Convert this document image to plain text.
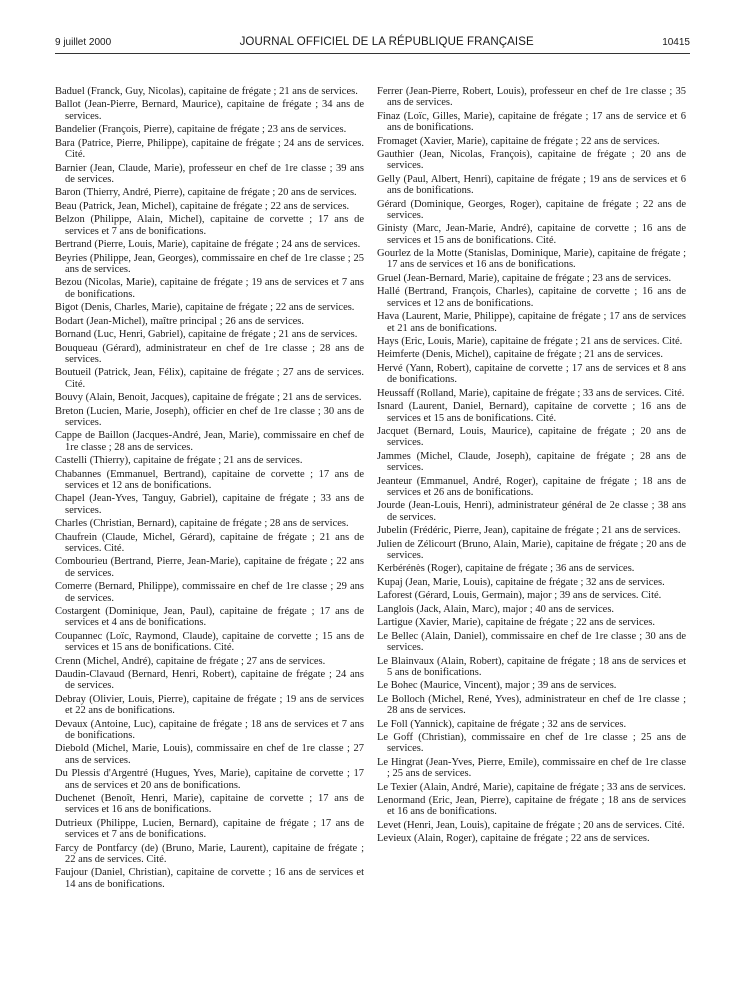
9 juillet 2000	JOURNAL OFFICIEL DE LA RÉPUBLIQUE FRANÇAISE	10415

Baduel (Franck, Guy, Nicolas), capitaine de frégate ; 21 ans de services.

Ballot (Jean-Pierre, Bernard, Maurice), capitaine de frégate ; 34 ans de services.

Bandelier (François, Pierre), capitaine de frégate ; 23 ans de services.

Bara (Patrice, Pierre, Philippe), capitaine de frégate ; 24 ans de services. Cité.

Barnier (Jean, Claude, Marie), professeur en chef de 1re classe ; 39 ans de services.

Baron (Thierry, André, Pierre), capitaine de frégate ; 20 ans de services.

Beau (Patrick, Jean, Michel), capitaine de frégate ; 22 ans de services.

Belzon (Philippe, Alain, Michel), capitaine de corvette ; 17 ans de services et 7 ans de bonifications.

Bertrand (Pierre, Louis, Marie), capitaine de frégate ; 24 ans de services.

Beyries (Philippe, Jean, Georges), commissaire en chef de 1re classe ; 25 ans de services.

Bezou (Nicolas, Marie), capitaine de frégate ; 19 ans de services et 7 ans de bonifications.

Bigot (Denis, Charles, Marie), capitaine de frégate ; 22 ans de services.

Bodart (Jean-Michel), maître principal ; 26 ans de services.

Bornand (Luc, Henri, Gabriel), capitaine de frégate ; 21 ans de services.

Bouqueau (Gérard), administrateur en chef de 1re classe ; 28 ans de services.

Boutueil (Patrick, Jean, Félix), capitaine de frégate ; 27 ans de services. Cité.

Bouvy (Alain, Benoit, Jacques), capitaine de frégate ; 21 ans de services.

Breton (Lucien, Marie, Joseph), officier en chef de 1re classe ; 30 ans de services.

Cappe de Baillon (Jacques-André, Jean, Marie), commissaire en chef de 1re classe ; 28 ans de services.

Castelli (Thierry), capitaine de frégate ; 21 ans de services.

Chabannes (Emmanuel, Bertrand), capitaine de corvette ; 17 ans de services et 12 ans de bonifications.

Chapel (Jean-Yves, Tanguy, Gabriel), capitaine de frégate ; 33 ans de services.

Charles (Christian, Bernard), capitaine de frégate ; 28 ans de services.

Chaufrein (Claude, Michel, Gérard), capitaine de frégate ; 21 ans de services. Cité.

Combourieu (Bertrand, Pierre, Jean-Marie), capitaine de frégate ; 22 ans de services.

Comerre (Bernard, Philippe), commissaire en chef de 1re classe ; 29 ans de services.

Costargent (Dominique, Jean, Paul), capitaine de frégate ; 17 ans de services et 4 ans de bonifications.

Coupannec (Loïc, Raymond, Claude), capitaine de corvette ; 15 ans de services et 15 ans de bonifications. Cité.

Crenn (Michel, André), capitaine de frégate ; 27 ans de services.

Daudin-Clavaud (Bernard, Henri, Robert), capitaine de frégate ; 24 ans de services.

Debray (Olivier, Louis, Pierre), capitaine de frégate ; 19 ans de services et 22 ans de bonifications.

Devaux (Antoine, Luc), capitaine de frégate ; 18 ans de services et 7 ans de bonifications.

Diebold (Michel, Marie, Louis), commissaire en chef de 1re classe ; 27 ans de services.

Du Plessis d'Argentré (Hugues, Yves, Marie), capitaine de corvette ; 17 ans de services et 20 ans de bonifications.

Duchenet (Benoît, Henri, Marie), capitaine de corvette ; 17 ans de services et 16 ans de bonifications.

Dutrieux (Philippe, Lucien, Bernard), capitaine de frégate ; 17 ans de services et 7 ans de bonifications.

Farcy de Pontfarcy (de) (Bruno, Marie, Laurent), capitaine de frégate ; 22 ans de services. Cité.

Faujour (Daniel, Christian), capitaine de corvette ; 16 ans de services et 14 ans de bonifications.

Ferrer (Jean-Pierre, Robert, Louis), professeur en chef de 1re classe ; 35 ans de services.

Finaz (Loïc, Gilles, Marie), capitaine de frégate ; 17 ans de service et 6 ans de bonifications.

Fromaget (Xavier, Marie), capitaine de frégate ; 22 ans de services.

Gauthier (Jean, Nicolas, François), capitaine de frégate ; 20 ans de services.

Gelly (Paul, Albert, Henri), capitaine de frégate ; 19 ans de services et 6 ans de bonifications.

Gérard (Dominique, Georges, Roger), capitaine de frégate ; 22 ans de services.

Ginisty (Marc, Jean-Marie, André), capitaine de corvette ; 16 ans de services et 15 ans de bonifications. Cité.

Gourlez de la Motte (Stanislas, Dominique, Marie), capitaine de frégate ; 17 ans de services et 16 ans de bonifications.

Gruel (Jean-Bernard, Marie), capitaine de frégate ; 23 ans de services.

Hallé (Bertrand, François, Charles), capitaine de corvette ; 16 ans de services et 12 ans de bonifications.

Hava (Laurent, Marie, Philippe), capitaine de frégate ; 17 ans de services et 21 ans de bonifications.

Hays (Eric, Louis, Marie), capitaine de frégate ; 21 ans de services. Cité.

Heimferte (Denis, Michel), capitaine de frégate ; 21 ans de services.

Hervé (Yann, Robert), capitaine de corvette ; 17 ans de services et 8 ans de bonifications.

Heussaff (Rolland, Marie), capitaine de frégate ; 33 ans de services. Cité.

Isnard (Laurent, Daniel, Bernard), capitaine de corvette ; 16 ans de services et 15 ans de bonifications. Cité.

Jacquet (Bernard, Louis, Maurice), capitaine de frégate ; 20 ans de services.

Jammes (Michel, Claude, Joseph), capitaine de frégate ; 28 ans de services.

Jeanteur (Emmanuel, André, Roger), capitaine de frégate ; 18 ans de services et 26 ans de bonifications.

Jourde (Jean-Louis, Henri), administrateur général de 2e classe ; 38 ans de services.

Jubelin (Frédéric, Pierre, Jean), capitaine de frégate ; 21 ans de services.

Julien de Zélicourt (Bruno, Alain, Marie), capitaine de frégate ; 20 ans de services.

Kerbérénès (Roger), capitaine de frégate ; 36 ans de services.

Kupaj (Jean, Marie, Louis), capitaine de frégate ; 32 ans de services.

Laforest (Gérard, Louis, Germain), major ; 39 ans de services. Cité.

Langlois (Jack, Alain, Marc), major ; 40 ans de services.

Lartigue (Xavier, Marie), capitaine de frégate ; 22 ans de services.

Le Bellec (Alain, Daniel), commissaire en chef de 1re classe ; 30 ans de services.

Le Blainvaux (Alain, Robert), capitaine de frégate ; 18 ans de services et 5 ans de bonifications.

Le Bohec (Maurice, Vincent), major ; 39 ans de services.

Le Bolloch (Michel, René, Yves), administrateur en chef de 1re classe ; 28 ans de services.

Le Foll (Yannick), capitaine de frégate ; 32 ans de services.

Le Goff (Christian), commissaire en chef de 1re classe ; 25 ans de services.

Le Hingrat (Jean-Yves, Pierre, Emile), commissaire en chef de 1re classe ; 25 ans de services.

Le Texier (Alain, André, Marie), capitaine de frégate ; 33 ans de services.

Lenormand (Eric, Jean, Pierre), capitaine de frégate ; 18 ans de services et 16 ans de bonifications.

Levet (Henri, Jean, Louis), capitaine de frégate ; 20 ans de services. Cité.

Levieux (Alain, Roger), capitaine de frégate ; 22 ans de services.
